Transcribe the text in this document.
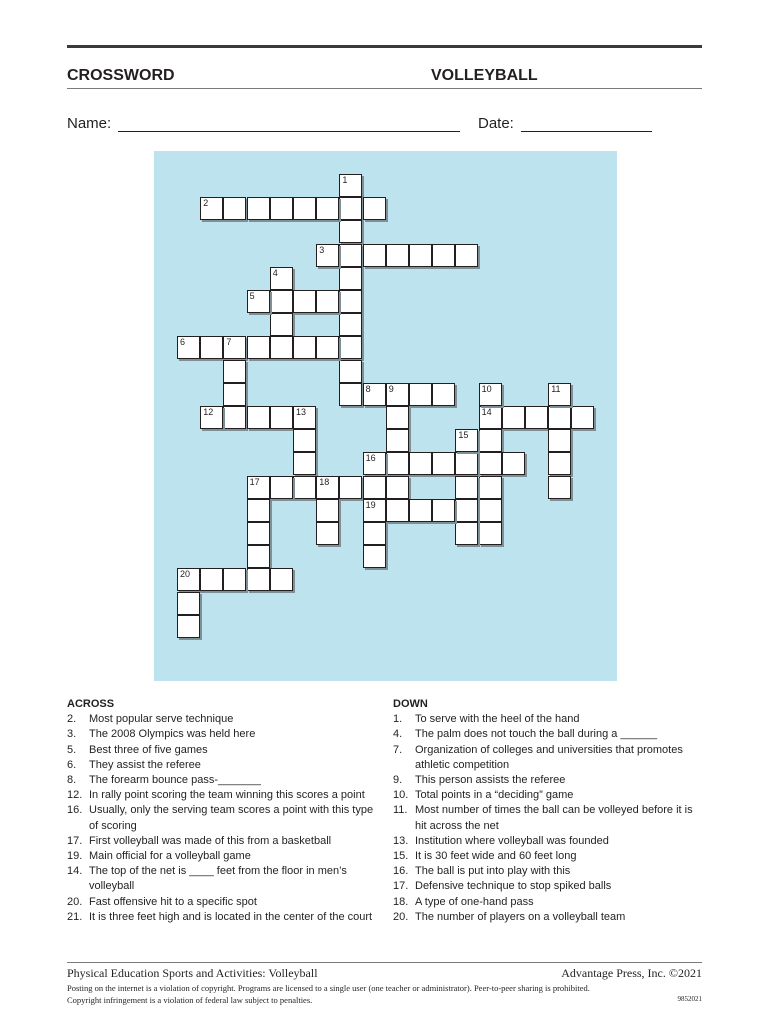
CROSSWORD	VOLLEYBALL
Name:	Date:
1
2
3
4
5
6	7
8 9
12	13	14
10	11
16
15
17	18
19
20
ACROSS
2.	Most popular serve technique
3.	The 2008 Olympics was held here
5.	Best three of five games
6.	They assist the referee
8.	The forearm bounce pass-_______
12. In rally point scoring the team winning this scores a point
16. Usually, only the serving team scores a point with this type of scoring
17. First volleyball was made of this from a basketball
19. Main official for a volleyball game
14. The top of the net is ____ feet from the floor in men’s volleyball
20. Fast offensive hit to a specific spot
21. It is three feet high and is located in the center of the court
DOWN
1.	To serve with the heel of the hand
4.	The palm does not touch the ball during a ______
7.	Organization of colleges and universities that promotes athletic competition
9.	This person assists the referee
10. Total points in a “deciding” game
11. Most number of times the ball can be volleyed before it is hit across the net
13. Institution where volleyball was founded
15. It is 30 feet wide and 60 feet long
16. The ball is put into play with this
17. Defensive technique to stop spiked balls
18. A type of one-hand pass
20. The number of players on a volleyball team
Physical Education Sports and Activities: Volleyball	Advantage Press, Inc. ©2021
Posting on the internet is a violation of copyright. Programs are licensed to a single user (one teacher or administrator). Peer-to-peer sharing is prohibited.
Copyright infringement is a violation of federal law subject to penalties.	9852021
